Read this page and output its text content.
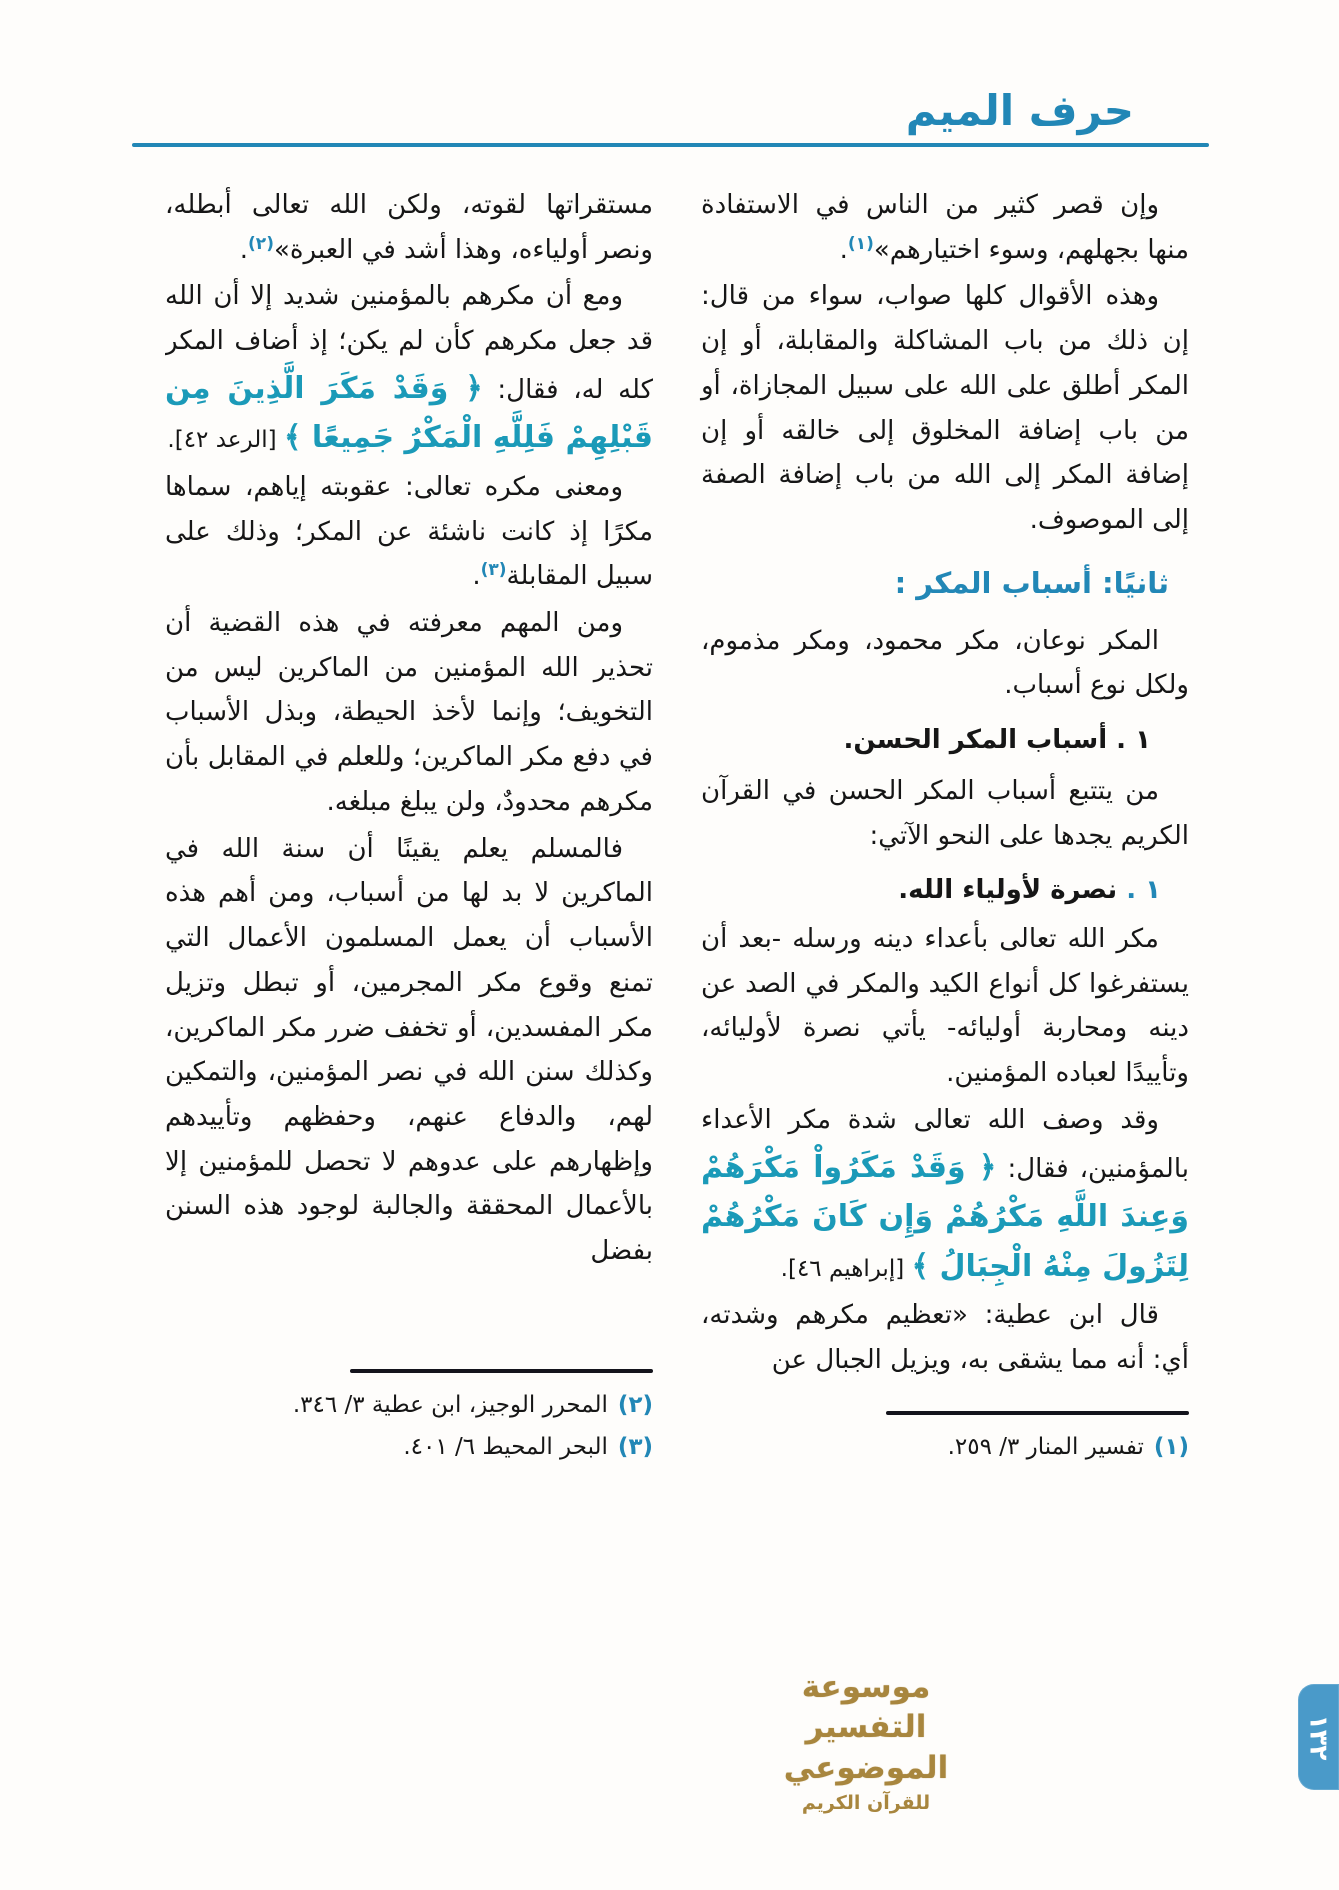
حرف الميم

وإن قصر كثير من الناس في الاستفادة منها بجهلهم، وسوء اختيارهم»$^{(١)}$.

وهذه الأقوال كلها صواب، سواء من قال: إن ذلك من باب المشاكلة والمقابلة، أو إن المكر أطلق على الله على سبيل المجازاة، أو من باب إضافة المخلوق إلى خالقه أو إن إضافة المكر إلى الله من باب إضافة الصفة إلى الموصوف.

ثانيًا: أسباب المكر :

المكر نوعان، مكر محمود، ومكر مذموم، ولكل نوع أسباب.

١ . أسباب المكر الحسن.

من يتتبع أسباب المكر الحسن في القرآن الكريم يجدها على النحو الآتي:

١ . نصرة لأولياء الله.

مكر الله تعالى بأعداء دينه ورسله -بعد أن يستفرغوا كل أنواع الكيد والمكر في الصد عن دينه ومحاربة أوليائه- يأتي نصرة لأوليائه، وتأييدًا لعباده المؤمنين.

وقد وصف الله تعالى شدة مكر الأعداء بالمؤمنين، فقال: ﴿ وَقَدْ مَكَرُواْ مَكْرَهُمْ وَعِندَ اللَّهِ مَكْرُهُمْ وَإِن كَانَ مَكْرُهُمْ لِتَزُولَ مِنْهُ الْجِبَالُ ﴾ [إبراهيم ٤٦].

قال ابن عطية: «تعظيم مكرهم وشدته، أي: أنه مما يشقى به، ويزيل الجبال عن

(١)تفسير المنار ٣/ ٢٥٩.

مستقراتها لقوته، ولكن الله تعالى أبطله، ونصر أولياءه، وهذا أشد في العبرة»$^{(٢)}$.

ومع أن مكرهم بالمؤمنين شديد إلا أن الله قد جعل مكرهم كأن لم يكن؛ إذ أضاف المكر كله له، فقال: ﴿ وَقَدْ مَكَرَ الَّذِينَ مِن قَبْلِهِمْ فَلِلَّهِ الْمَكْرُ جَمِيعًا ﴾ [الرعد ٤٢].

ومعنى مكره تعالى: عقوبته إياهم، سماها مكرًا إذ كانت ناشئة عن المكر؛ وذلك على سبيل المقابلة$^{(٣)}$.

ومن المهم معرفته في هذه القضية أن تحذير الله المؤمنين من الماكرين ليس من التخويف؛ وإنما لأخذ الحيطة، وبذل الأسباب في دفع مكر الماكرين؛ وللعلم في المقابل بأن مكرهم محدودٌ، ولن يبلغ مبلغه.

فالمسلم يعلم يقينًا أن سنة الله في الماكرين لا بد لها من أسباب، ومن أهم هذه الأسباب أن يعمل المسلمون الأعمال التي تمنع وقوع مكر المجرمين، أو تبطل وتزيل مكر المفسدين، أو تخفف ضرر مكر الماكرين، وكذلك سنن الله في نصر المؤمنين، والتمكين لهم، والدفاع عنهم، وحفظهم وتأييدهم وإظهارهم على عدوهم لا تحصل للمؤمنين إلا بالأعمال المحققة والجالبة لوجود هذه السنن بفضل

(٢)المحرر الوجيز، ابن عطية ٣/ ٣٤٦.
(٣)البحر المحيط ٦/ ٤٠١.
موسوعة التفسير الموضوعي
للقرآن الكريم
١٣٢
